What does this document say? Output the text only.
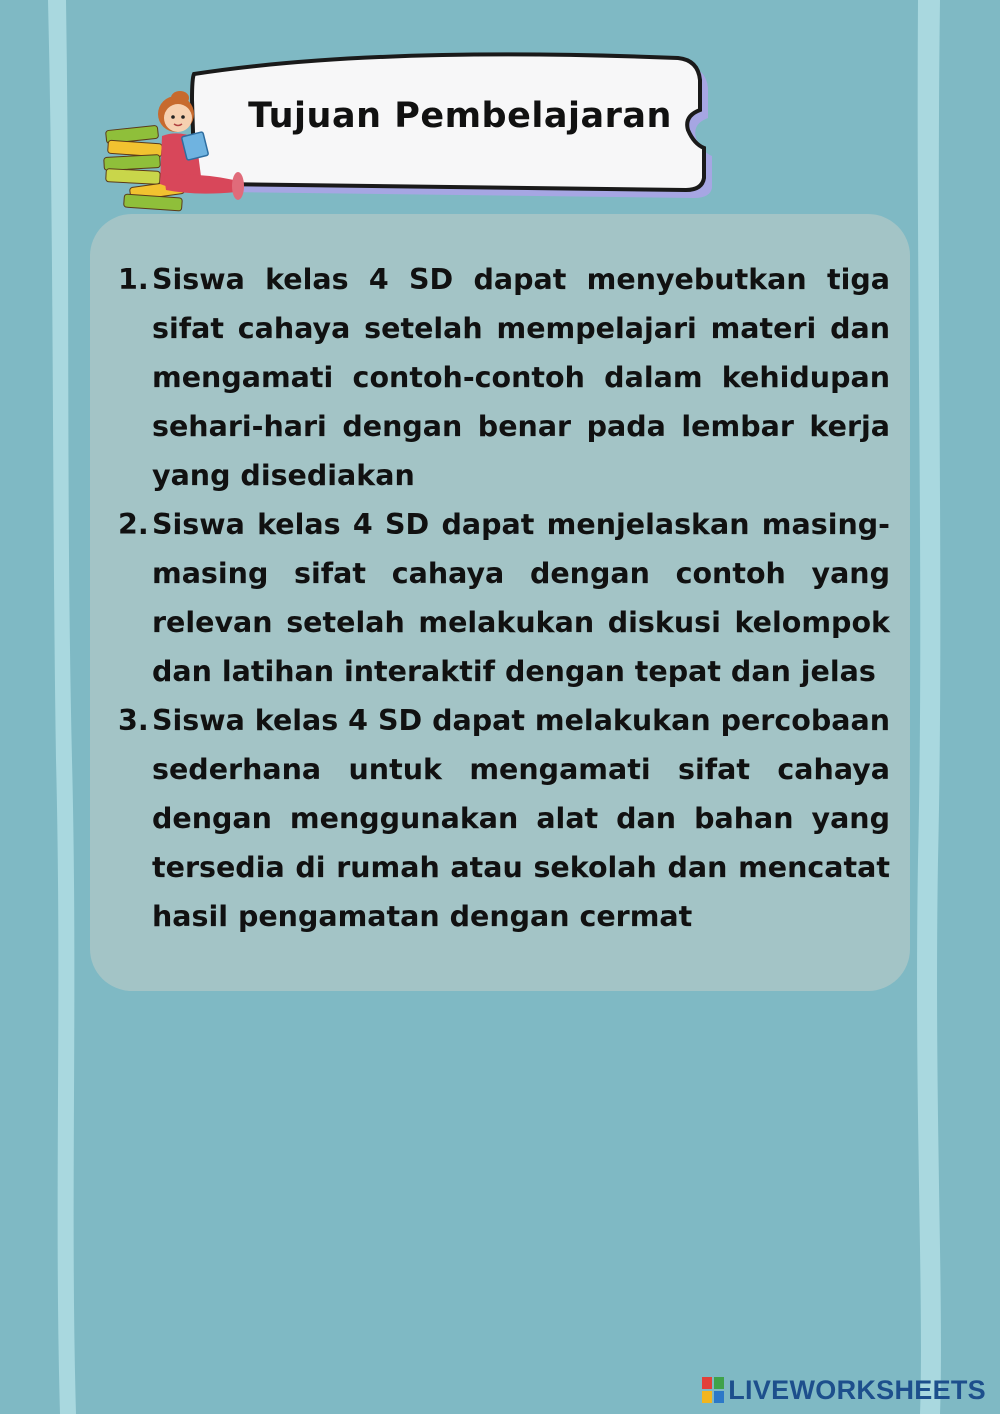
Tujuan Pembelajaran
1. Siswa kelas 4 SD dapat menyebutkan tiga sifat cahaya setelah mempelajari materi dan mengamati contoh-contoh dalam kehidupan sehari-hari dengan benar pada lembar kerja yang disediakan
2. Siswa kelas 4 SD dapat menjelaskan masing-masing sifat cahaya dengan contoh yang relevan setelah melakukan diskusi kelompok dan latihan interaktif dengan tepat dan jelas
3. Siswa kelas 4 SD dapat melakukan percobaan sederhana untuk mengamati sifat cahaya dengan menggunakan alat dan bahan yang tersedia di rumah atau sekolah dan mencatat hasil pengamatan dengan cermat
LIVEWORKSHEETS
